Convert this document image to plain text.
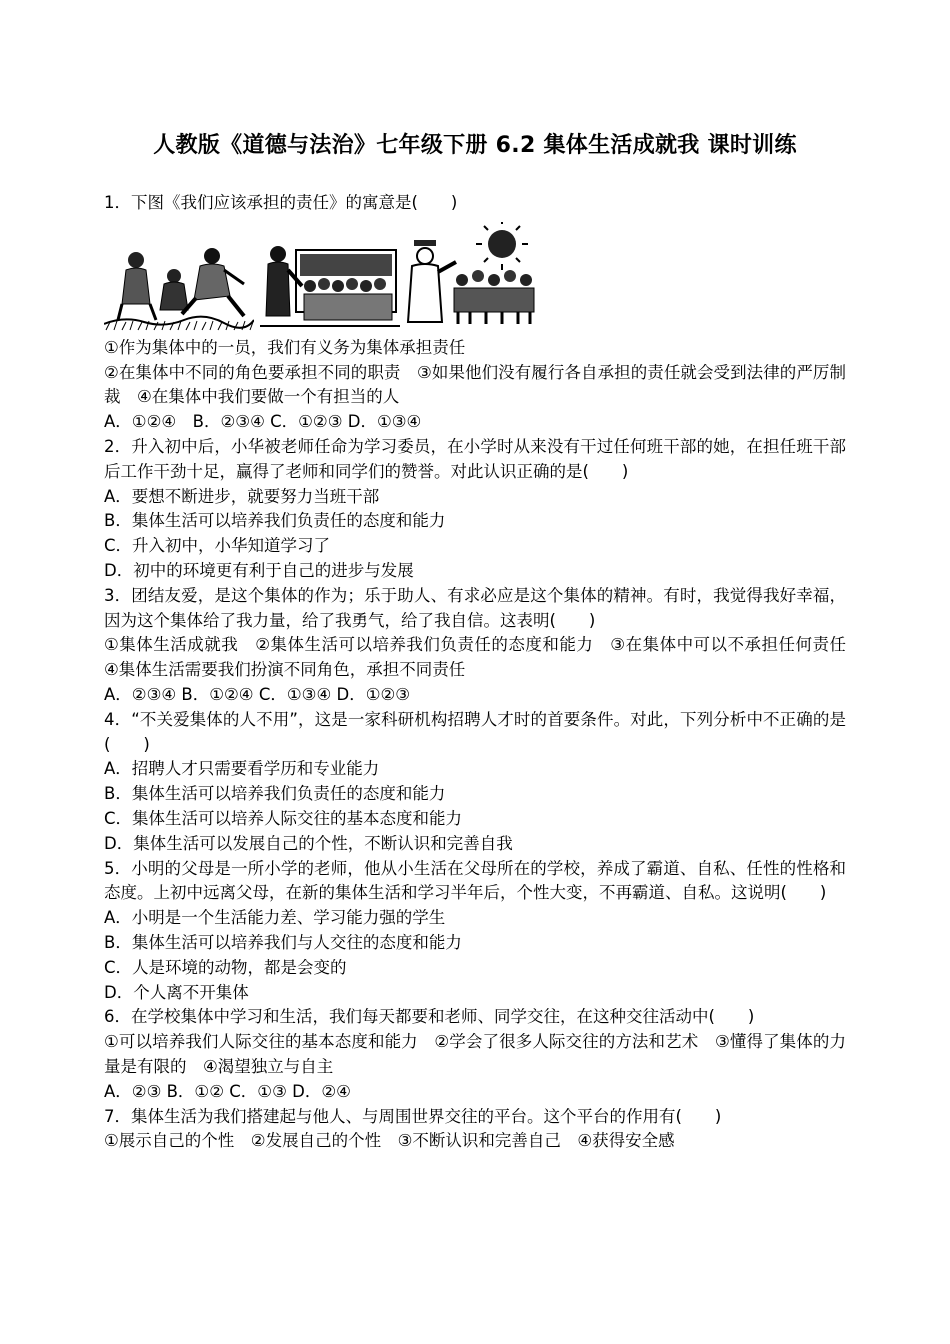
人教版《道德与法治》七年级下册 6.2 集体生活成就我 课时训练
1．下图《我们应该承担的责任》的寓意是(　　)
①作为集体中的一员，我们有义务为集体承担责任
②在集体中不同的角色要承担不同的职责　③如果他们没有履行各自承担的责任就会受到法律的严厉制裁　④在集体中我们要做一个有担当的人
A．①②④　B．②③④ C．①②③ D．①③④
2．升入初中后，小华被老师任命为学习委员，在小学时从来没有干过任何班干部的她，在担任班干部后工作干劲十足，赢得了老师和同学们的赞誉。对此认识正确的是(　　)
A．要想不断进步，就要努力当班干部
B．集体生活可以培养我们负责任的态度和能力
C．升入初中，小华知道学习了
D．初中的环境更有利于自己的进步与发展
3．团结友爱，是这个集体的作为；乐于助人、有求必应是这个集体的精神。有时，我觉得我好幸福，因为这个集体给了我力量，给了我勇气，给了我自信。这表明(　　)
①集体生活成就我　②集体生活可以培养我们负责任的态度和能力　③在集体中可以不承担任何责任　④集体生活需要我们扮演不同角色，承担不同责任
A．②③④ B．①②④ C．①③④ D．①②③
4．“不关爱集体的人不用”，这是一家科研机构招聘人才时的首要条件。对此，下列分析中不正确的是(　　)
A．招聘人才只需要看学历和专业能力
B．集体生活可以培养我们负责任的态度和能力
C．集体生活可以培养人际交往的基本态度和能力
D．集体生活可以发展自己的个性，不断认识和完善自我
5．小明的父母是一所小学的老师，他从小生活在父母所在的学校，养成了霸道、自私、任性的性格和态度。上初中远离父母，在新的集体生活和学习半年后，个性大变，不再霸道、自私。这说明(　　)
A．小明是一个生活能力差、学习能力强的学生
B．集体生活可以培养我们与人交往的态度和能力
C．人是环境的动物，都是会变的
D．个人离不开集体
6．在学校集体中学习和生活，我们每天都要和老师、同学交往，在这种交往活动中(　　)
①可以培养我们人际交往的基本态度和能力　②学会了很多人际交往的方法和艺术　③懂得了集体的力量是有限的　④渴望独立与自主
A．②③ B．①② C．①③ D．②④
7．集体生活为我们搭建起与他人、与周围世界交往的平台。这个平台的作用有(　　)
①展示自己的个性　②发展自己的个性　③不断认识和完善自己　④获得安全感
